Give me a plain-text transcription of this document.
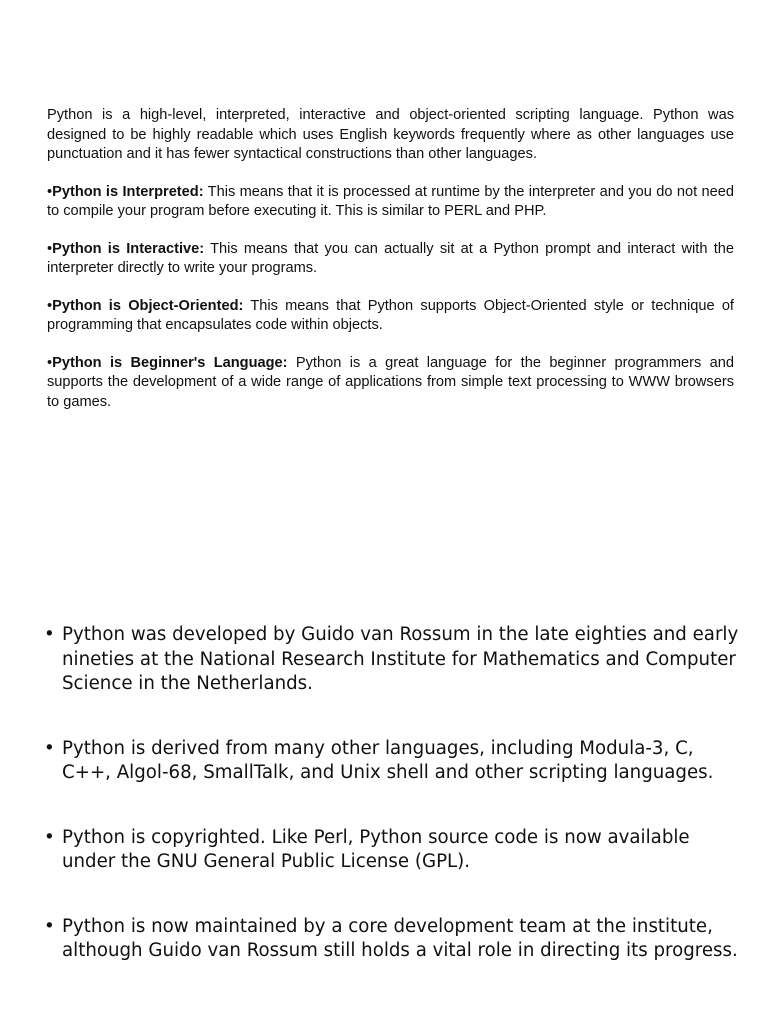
Python is a high-level, interpreted, interactive and object-oriented scripting language. Python was designed to be highly readable which uses English keywords frequently where as other languages use punctuation and it has fewer syntactical constructions than other languages.

•Python is Interpreted: This means that it is processed at runtime by the interpreter and you do not need to compile your program before executing it. This is similar to PERL and PHP.

•Python is Interactive: This means that you can actually sit at a Python prompt and interact with the interpreter directly to write your programs.

•Python is Object-Oriented: This means that Python supports Object-Oriented style or technique of programming that encapsulates code within objects.

•Python is Beginner's Language: Python is a great language for the beginner programmers and supports the development of a wide range of applications from simple text processing to WWW browsers to games.

• Python was developed by Guido van Rossum in the late eighties and early nineties at the National Research Institute for Mathematics and Computer Science in the Netherlands.
• Python is derived from many other languages, including Modula-3, C, C++, Algol-68, SmallTalk, and Unix shell and other scripting languages.
• Python is copyrighted. Like Perl, Python source code is now available under the GNU General Public License (GPL).
• Python is now maintained by a core development team at the institute, although Guido van Rossum still holds a vital role in directing its progress.
